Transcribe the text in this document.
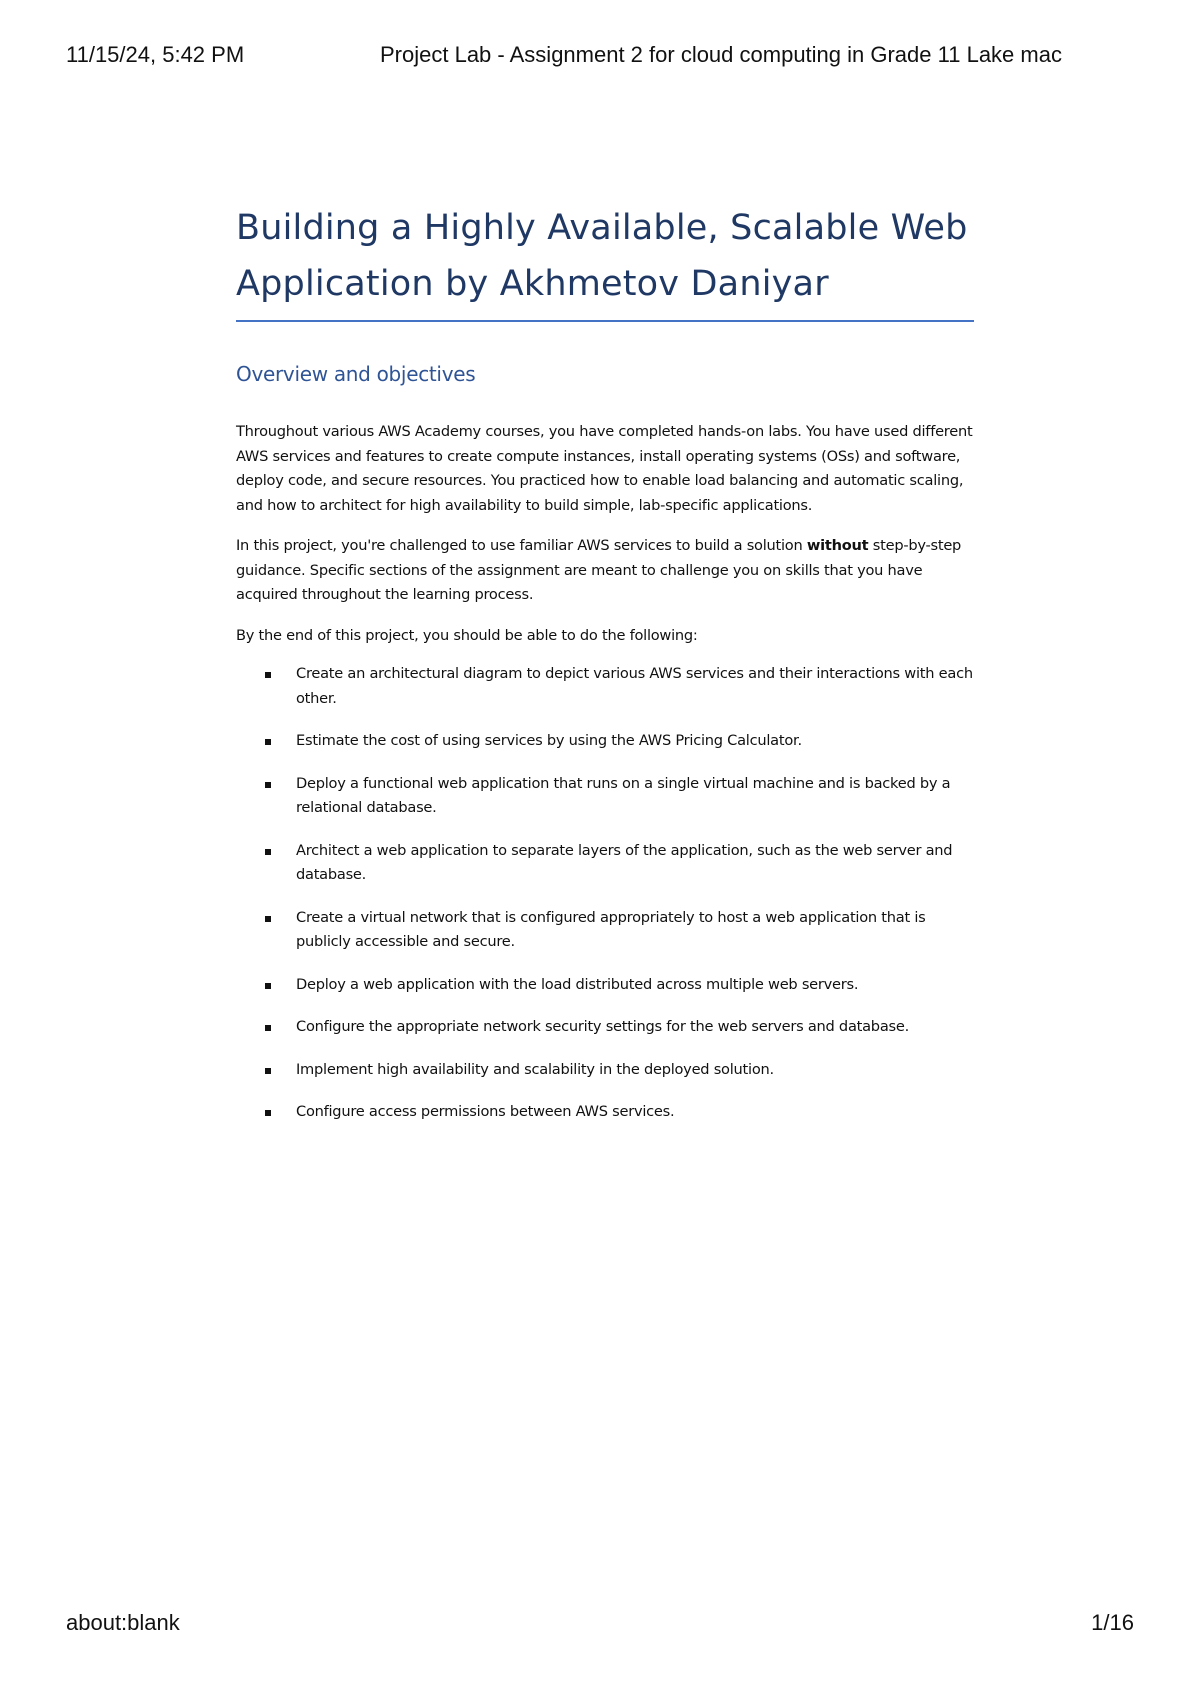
11/15/24, 5:42 PM	Project Lab - Assignment 2 for cloud computing in Grade 11 Lake mac
Building a Highly Available, Scalable Web Application by Akhmetov Daniyar
Overview and objectives

Throughout various AWS Academy courses, you have completed hands-on labs. You have used different AWS services and features to create compute instances, install operating systems (OSs) and software, deploy code, and secure resources. You practiced how to enable load balancing and automatic scaling, and how to architect for high availability to build simple, lab-specific applications.

In this project, you're challenged to use familiar AWS services to build a solution without step-by-step guidance. Specific sections of the assignment are meant to challenge you on skills that you have acquired throughout the learning process.

By the end of this project, you should be able to do the following:

Create an architectural diagram to depict various AWS services and their interactions with each other.
Estimate the cost of using services by using the AWS Pricing Calculator.
Deploy a functional web application that runs on a single virtual machine and is backed by a relational database.
Architect a web application to separate layers of the application, such as the web server and database.
Create a virtual network that is configured appropriately to host a web application that is publicly accessible and secure.
Deploy a web application with the load distributed across multiple web servers.
Configure the appropriate network security settings for the web servers and database.
Implement high availability and scalability in the deployed solution.
Configure access permissions between AWS services.
about:blank	1/16
